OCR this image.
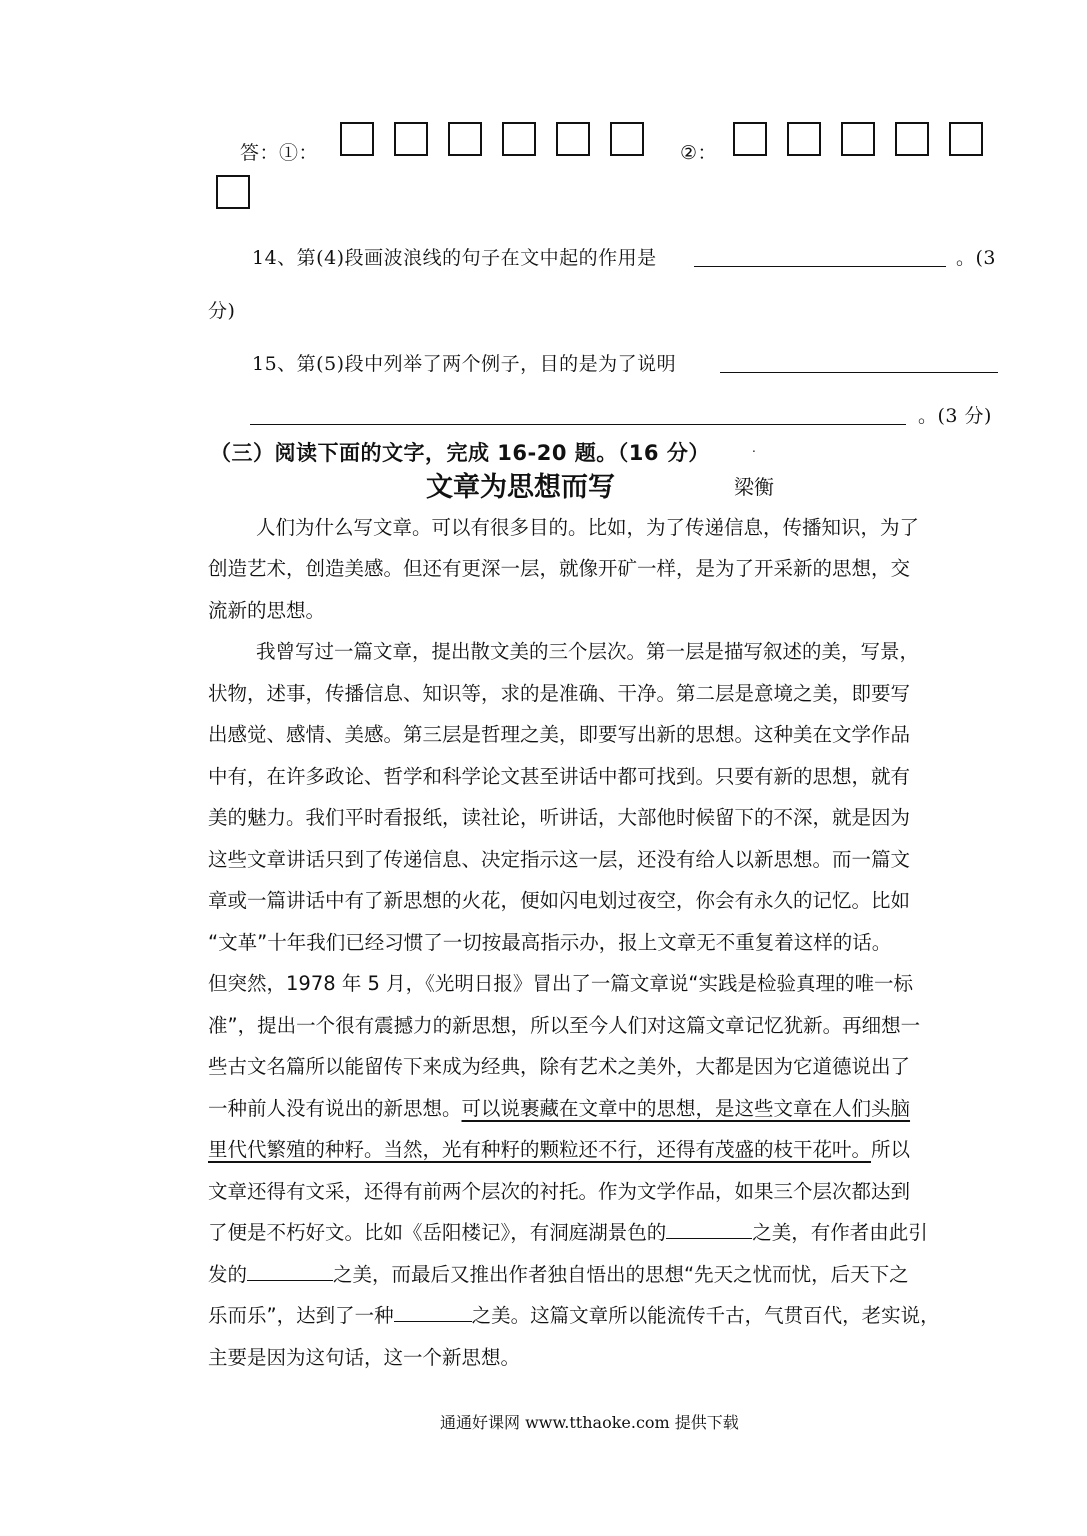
答：①：	②：
14、第(4)段画波浪线的句子在文中起的作用是	。(3
分)
15、第(5)段中列举了两个例子，目的是为了说明
。(3 分)
（三）阅读下面的文字，完成 16-20 题。（16 分）	.
文章为思想而写	梁衡
人们为什么写文章。可以有很多目的。比如，为了传递信息，传播知识，为了
创造艺术，创造美感。但还有更深一层，就像开矿一样，是为了开采新的思想，交
流新的思想。
我曾写过一篇文章，提出散文美的三个层次。第一层是描写叙述的美，写景，
状物，述事，传播信息、知识等，求的是准确、干净。第二层是意境之美，即要写
出感觉、感情、美感。第三层是哲理之美，即要写出新的思想。这种美在文学作品
中有，在许多政论、哲学和科学论文甚至讲话中都可找到。只要有新的思想，就有
美的魅力。我们平时看报纸，读社论，听讲话，大部他时候留下的不深，就是因为
这些文章讲话只到了传递信息、决定指示这一层，还没有给人以新思想。而一篇文
章或一篇讲话中有了新思想的火花，便如闪电划过夜空，你会有永久的记忆。比如
“文革”十年我们已经习惯了一切按最高指示办，报上文章无不重复着这样的话。
但突然，1978 年 5 月，《光明日报》冒出了一篇文章说“实践是检验真理的唯一标
准”，提出一个很有震撼力的新思想，所以至今人们对这篇文章记忆犹新。再细想一
些古文名篇所以能留传下来成为经典，除有艺术之美外，大都是因为它道德说出了
一种前人没有说出的新思想。可以说裹藏在文章中的思想，是这些文章在人们头脑
里代代繁殖的种籽。当然，光有种籽的颗粒还不行，还得有茂盛的枝干花叶。所以
文章还得有文采，还得有前两个层次的衬托。作为文学作品，如果三个层次都达到
了便是不朽好文。比如《岳阳楼记》，有洞庭湖景色的	之美，有作者由此引
发的	之美，而最后又推出作者独自悟出的思想“先天之忧而忧，后天下之
乐而乐”，达到了一种	之美。这篇文章所以能流传千古，气贯百代，老实说，
主要是因为这句话，这一个新思想。
通通好课网 www.tthaoke.com 提供下载
